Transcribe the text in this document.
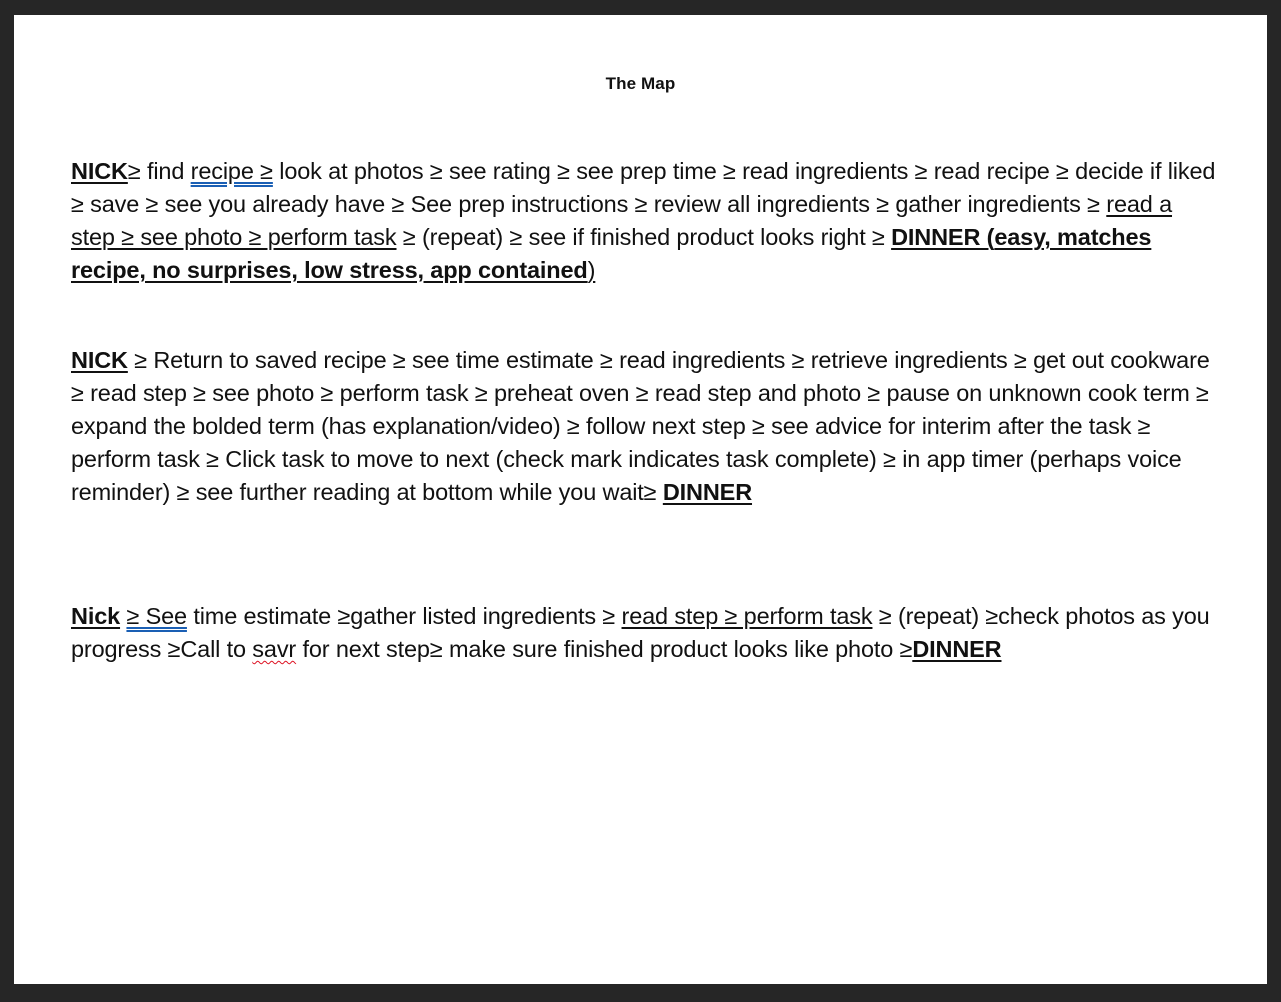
The Map
NICK≥ find recipe ≥ look at photos ≥ see rating ≥ see prep time ≥ read ingredients ≥ read recipe ≥ decide if liked ≥ save ≥ see you already have ≥ See prep instructions ≥ review all ingredients ≥ gather ingredients ≥ read a step ≥ see photo ≥ perform task ≥ (repeat) ≥ see if finished product looks right ≥ DINNER (easy, matches recipe, no surprises, low stress, app contained)
NICK ≥ Return to saved recipe ≥ see time estimate ≥ read ingredients ≥ retrieve ingredients ≥ get out cookware ≥ read step ≥ see photo ≥ perform task ≥ preheat oven ≥ read step and photo ≥ pause on unknown cook term ≥ expand the bolded term (has explanation/video) ≥ follow next step ≥ see advice for interim after the task ≥ perform task ≥ Click task to move to next (check mark indicates task complete) ≥ in app timer (perhaps voice reminder) ≥ see further reading at bottom while you wait≥ DINNER
Nick ≥ See time estimate ≥gather listed ingredients ≥ read step ≥ perform task ≥ (repeat) ≥check photos as you progress ≥Call to savr for next step≥ make sure finished product looks like photo ≥DINNER
